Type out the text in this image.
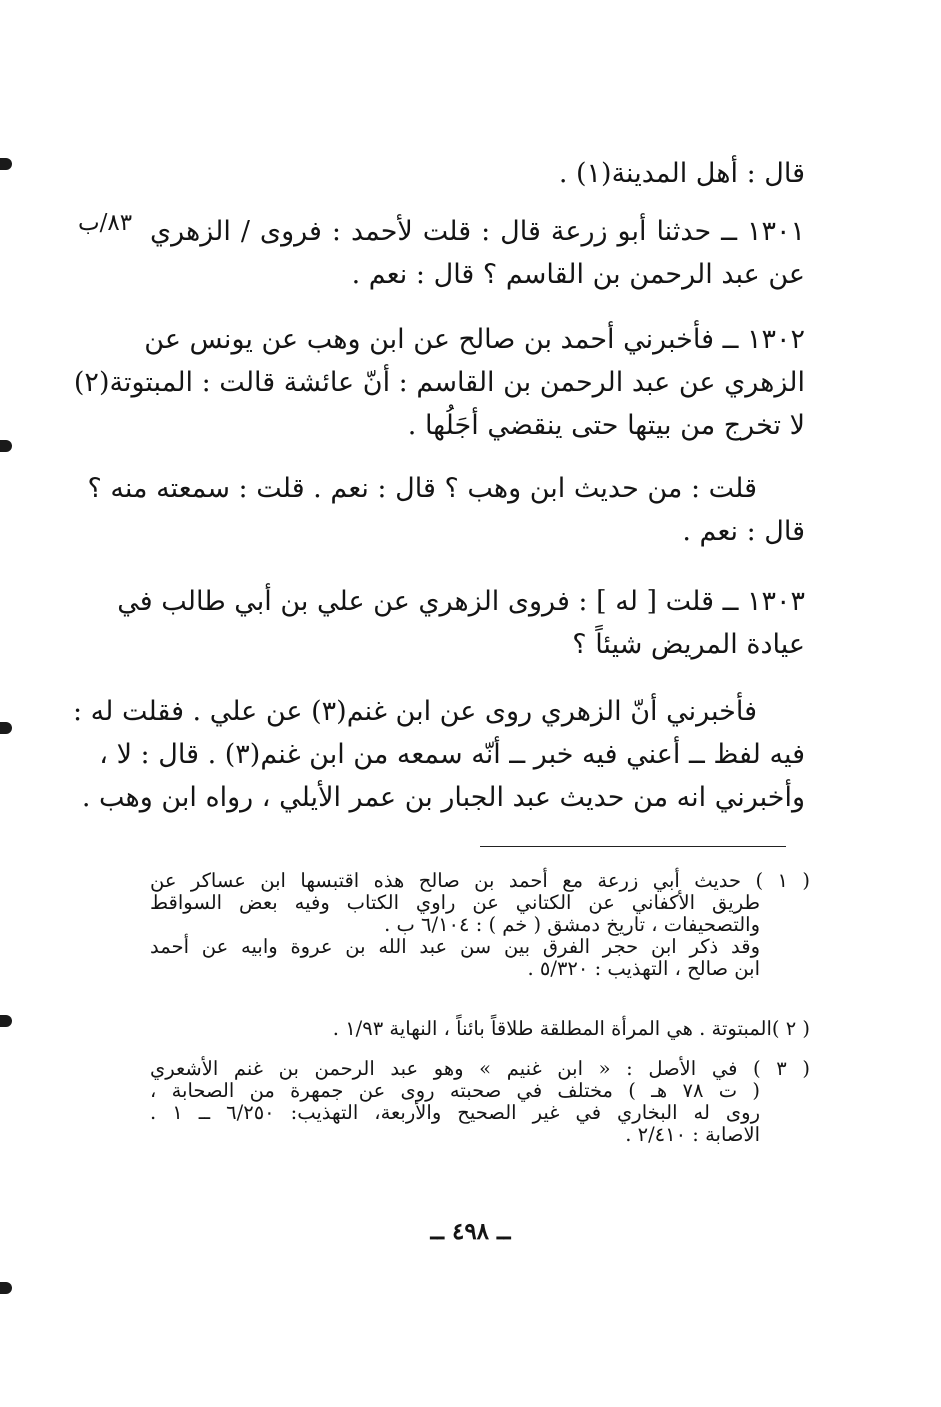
٨٣/ب
قال : أهل المدينة(١) .
١٣٠١ ــ حدثنا أبو زرعة قال : قلت لأحمد : فروى / الزهري
عن عبد الرحمن بن القاسم ؟ قال : نعم .
١٣٠٢ ــ فأخبرني أحمد بن صالح عن ابن وهب عن يونس عن
الزهري عن عبد الرحمن بن القاسم : أنّ عائشة قالت : المبتوتة(٢)
لا تخرج من بيتها حتى ينقضي أجَلُها .
قلت : من حديث ابن وهب ؟ قال : نعم . قلت : سمعته منه ؟
قال : نعم .
١٣٠٣ ــ قلت [ له ] : فروى الزهري عن علي بن أبي طالب في
عيادة المريض شيئاً ؟
فأخبرني أنّ الزهري روى عن ابن غنم(٣) عن علي . فقلت له :
فيه لفظ ــ أعني فيه خبر ــ أنّه سمعه من ابن غنم(٣) . قال : لا ،
وأخبرني انه من حديث عبد الجبار بن عمر الأيلي ، رواه ابن وهب .
( ١ ) حديث أبي زرعة مع أحمد بن صالح هذه اقتبسها ابن عساكر عن
طريق الأكفاني عن الكتاني عن راوي الكتاب وفيه بعض السواقط
والتصحيفات ، تاريخ دمشق ( خم ) : ٦/١٠٤ ب .
وقد ذكر ابن حجر الفرق بين سن عبد الله بن عروة وابيه عن أحمد
ابن صالح ، التهذيب : ٥/٣٢٠ .
( ٢ )المبتوتة . هي المرأة المطلقة طلاقاً بائناً ، النهاية ١/٩٣ .
( ٣ ) في الأصل : « ابن غنيم » وهو عبد الرحمن بن غنم الأشعري
( ت ٧٨ هـ ) مختلف في صحبته روى عن جمهرة من الصحابة ،
روى له البخاري في غير الصحيح والأربعة، التهذيب: ٦/٢٥٠ ــ ١ .
الاصابة : ٢/٤١٠ .
ــ ٤٩٨ ــ
